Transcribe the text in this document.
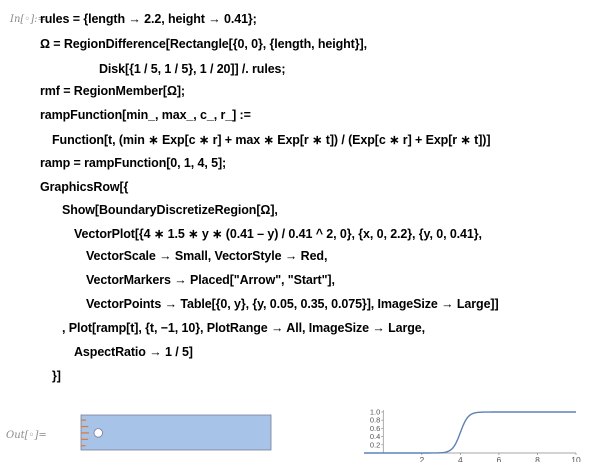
In[◦]:=
rules = {length → 2.2, height → 0.41};
Ω = RegionDifference[Rectangle[{0, 0}, {length, height}],
Disk[{1 / 5, 1 / 5}, 1 / 20]] /. rules;
rmf = RegionMember[Ω];
rampFunction[min_, max_, c_, r_] :=
Function[t, (min ∗ Exp[c ∗ r] + max ∗ Exp[r ∗ t]) / (Exp[c ∗ r] + Exp[r ∗ t])]
ramp = rampFunction[0, 1, 4, 5];
GraphicsRow[{
Show[BoundaryDiscretizeRegion[Ω],
VectorPlot[{4 ∗ 1.5 ∗ y ∗ (0.41 – y) / 0.41 ^ 2, 0}, {x, 0, 2.2}, {y, 0, 0.41},
VectorScale → Small, VectorStyle → Red,
VectorMarkers → Placed["Arrow", "Start"],
VectorPoints → Table[{0, y}, {y, 0.05, 0.35, 0.075}], ImageSize → Large]]
, Plot[ramp[t], {t, −1, 10}, PlotRange → All, ImageSize → Large,
AspectRatio → 1 / 5]
}]
Out[◦]=
2	4	6	8	10
0.2
0.4
0.6
0.8
1.0
